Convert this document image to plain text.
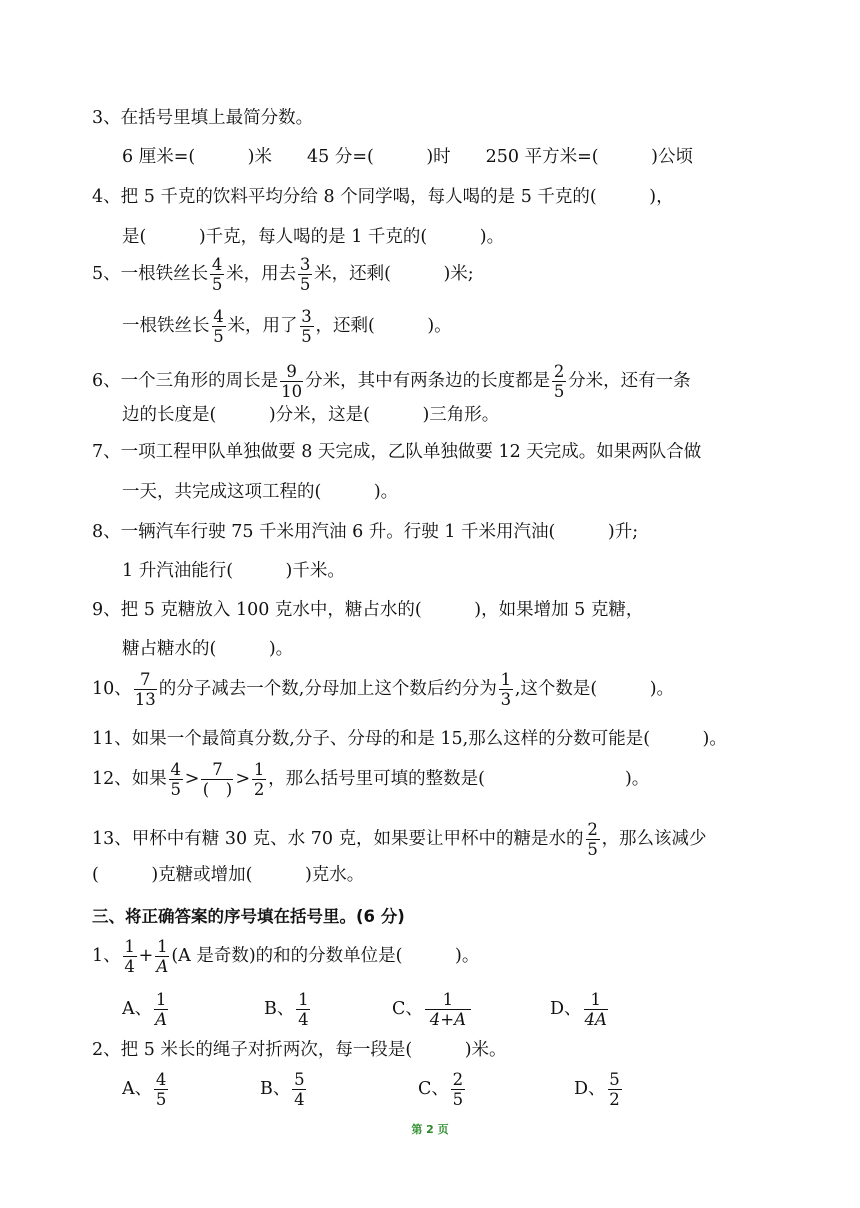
3、在括号里填上最简分数。
6 厘米=(　　　)米　　45 分=(　　　)时　　250 平方米=(　　　)公顷
4、把 5 千克的饮料平均分给 8 个同学喝，每人喝的是 5 千克的(　　　)，
是(　　　)千克，每人喝的是 1 千克的(　　　)。
5、一根铁丝长 $\frac{4}{5}$ 米，用去 $\frac{3}{5}$ 米，还剩(　　　)米;
一根铁丝长 $\frac{4}{5}$ 米，用了 $\frac{3}{5}$ ，还剩(　　　)。
6、一个三角形的周长是 $\frac{9}{10}$ 分米，其中有两条边的长度都是 $\frac{2}{5}$ 分米，还有一条
边的长度是(　　　)分米，这是(　　　)三角形。
7、一项工程甲队单独做要 8 天完成，乙队单独做要 12 天完成。如果两队合做
一天，共完成这项工程的(　　　)。
8、一辆汽车行驶 75 千米用汽油 6 升。行驶 1 千米用汽油(　　　)升;
1 升汽油能行(　　　)千米。
9、把 5 克糖放入 100 克水中，糖占水的(　　　)，如果增加 5 克糖，
糖占糖水的(　　　)。
10、 $\frac{7}{13}$ 的分子减去一个数,分母加上这个数后约分为 $\frac{1}{3}$ ,这个数是(　　　)。
11、如果一个最简真分数,分子、分母的和是 15,那么这样的分数可能是(　　　)。
12、如果 $\frac{4}{5} > \frac{7}{( )} > \frac{1}{2}$ ，那么括号里可填的整数是(　　　　　　　　)。
13、甲杯中有糖 30 克、水 70 克，如果要让甲杯中的糖是水的 $\frac{2}{5}$ ，那么该减少
(　　　)克糖或增加(　　　)克水。
三、将正确答案的序号填在括号里。(6 分)
1、 $\frac{1}{4} + \frac{1}{A} (A$ 是奇数)的和的分数单位是(　　　)。
A、 $\frac{1}{A}$	B、 $\frac{1}{4}$	C、 $\frac{1}{4+A}$	D、 $\frac{1}{4A}$
2、把 5 米长的绳子对折两次，每一段是(　　　)米。
A、 $\frac{4}{5}$	B、 $\frac{5}{4}$	C、 $\frac{2}{5}$	D、 $\frac{5}{2}$
第 2 页
